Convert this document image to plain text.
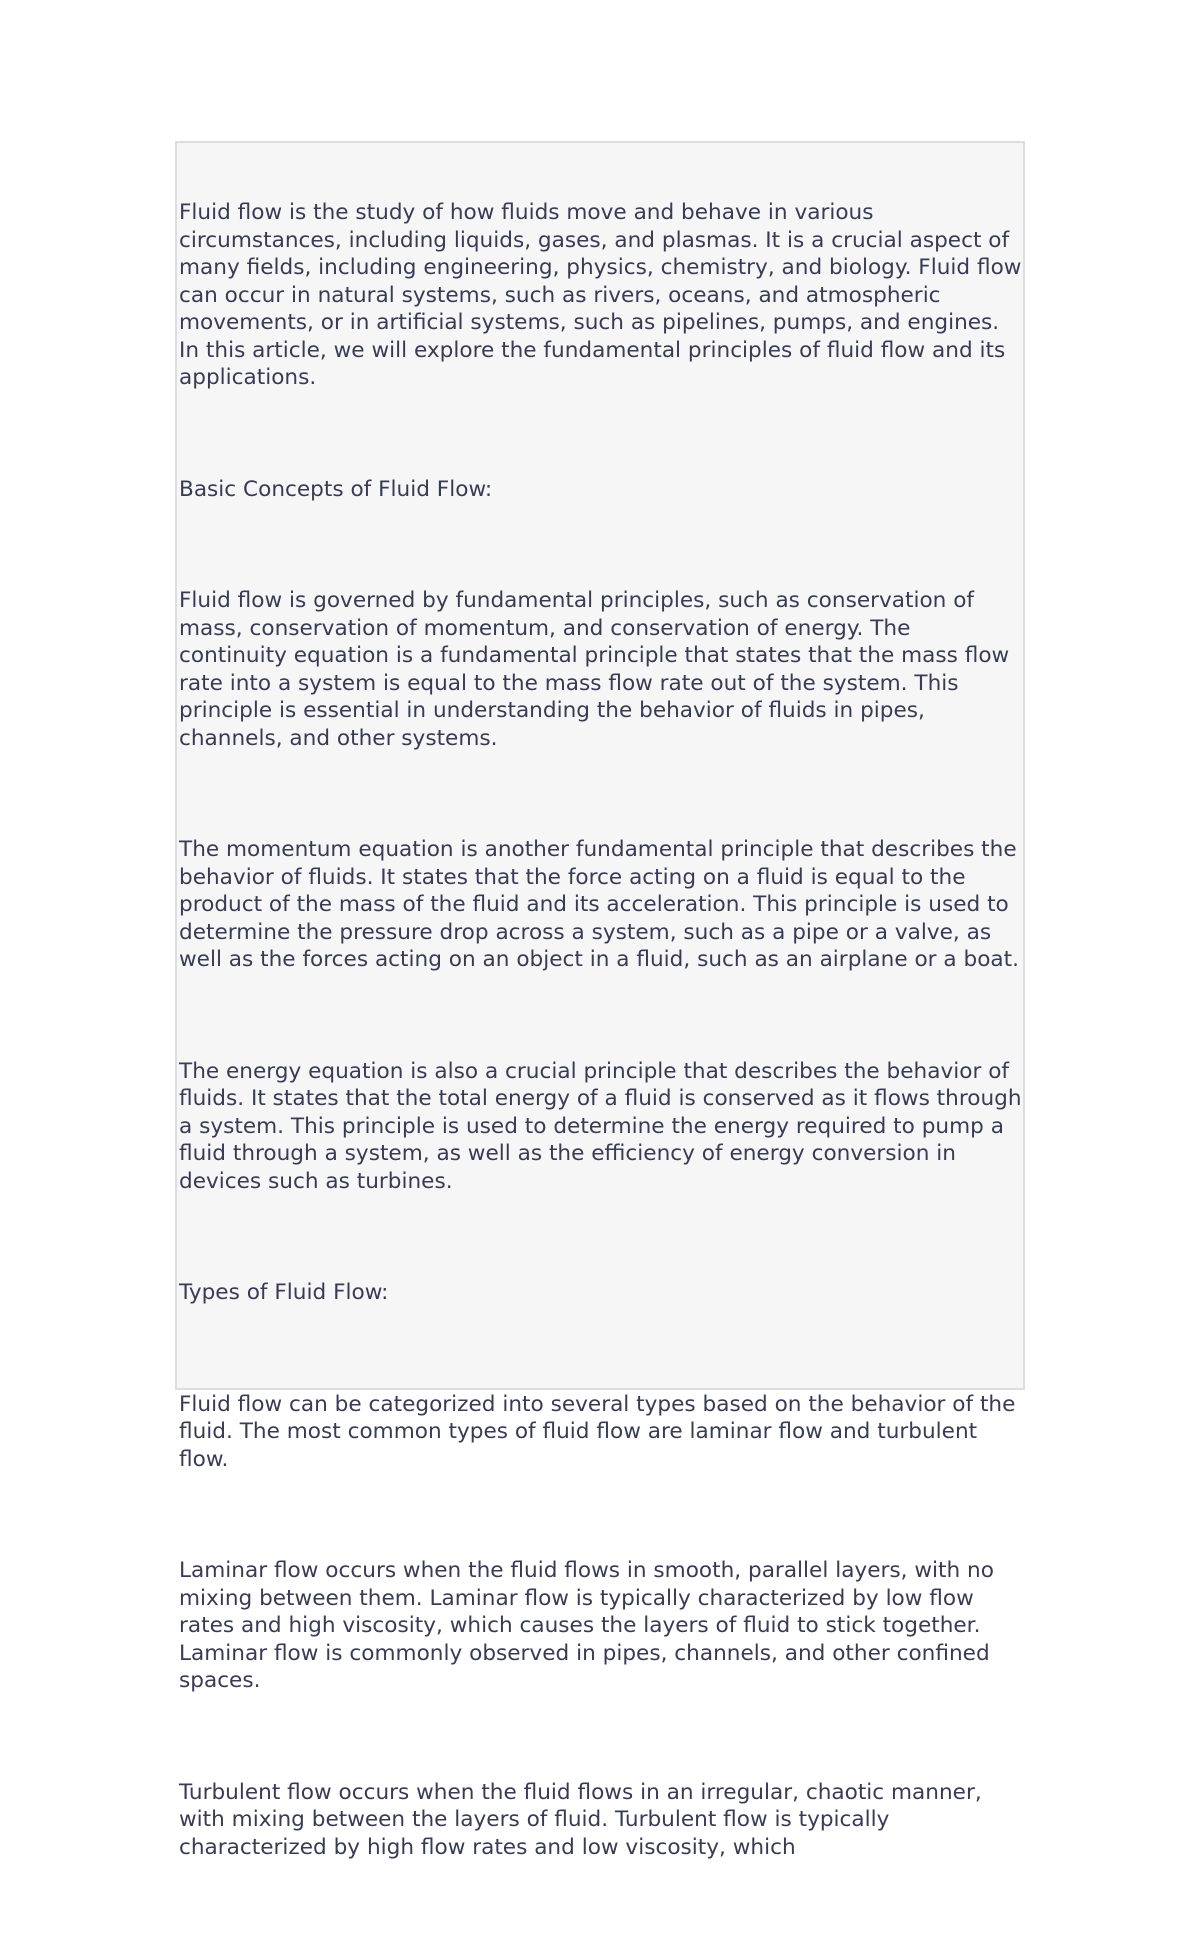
Fluid flow is the study of how fluids move and behave in various circumstances, including liquids, gases, and plasmas. It is a crucial aspect of many fields, including engineering, physics, chemistry, and biology. Fluid flow can occur in natural systems, such as rivers, oceans, and atmospheric movements, or in artificial systems, such as pipelines, pumps, and engines. In this article, we will explore the fundamental principles of fluid flow and its applications.

Basic Concepts of Fluid Flow:

Fluid flow is governed by fundamental principles, such as conservation of mass, conservation of momentum, and conservation of energy. The continuity equation is a fundamental principle that states that the mass flow rate into a system is equal to the mass flow rate out of the system. This principle is essential in understanding the behavior of fluids in pipes, channels, and other systems.

The momentum equation is another fundamental principle that describes the behavior of fluids. It states that the force acting on a fluid is equal to the product of the mass of the fluid and its acceleration. This principle is used to determine the pressure drop across a system, such as a pipe or a valve, as well as the forces acting on an object in a fluid, such as an airplane or a boat.

The energy equation is also a crucial principle that describes the behavior of fluids. It states that the total energy of a fluid is conserved as it flows through a system. This principle is used to determine the energy required to pump a fluid through a system, as well as the efficiency of energy conversion in devices such as turbines.

Types of Fluid Flow:

Fluid flow can be categorized into several types based on the behavior of the fluid. The most common types of fluid flow are laminar flow and turbulent flow.

Laminar flow occurs when the fluid flows in smooth, parallel layers, with no mixing between them. Laminar flow is typically characterized by low flow rates and high viscosity, which causes the layers of fluid to stick together. Laminar flow is commonly observed in pipes, channels, and other confined spaces.

Turbulent flow occurs when the fluid flows in an irregular, chaotic manner, with mixing between the layers of fluid. Turbulent flow is typically characterized by high flow rates and low viscosity, which
